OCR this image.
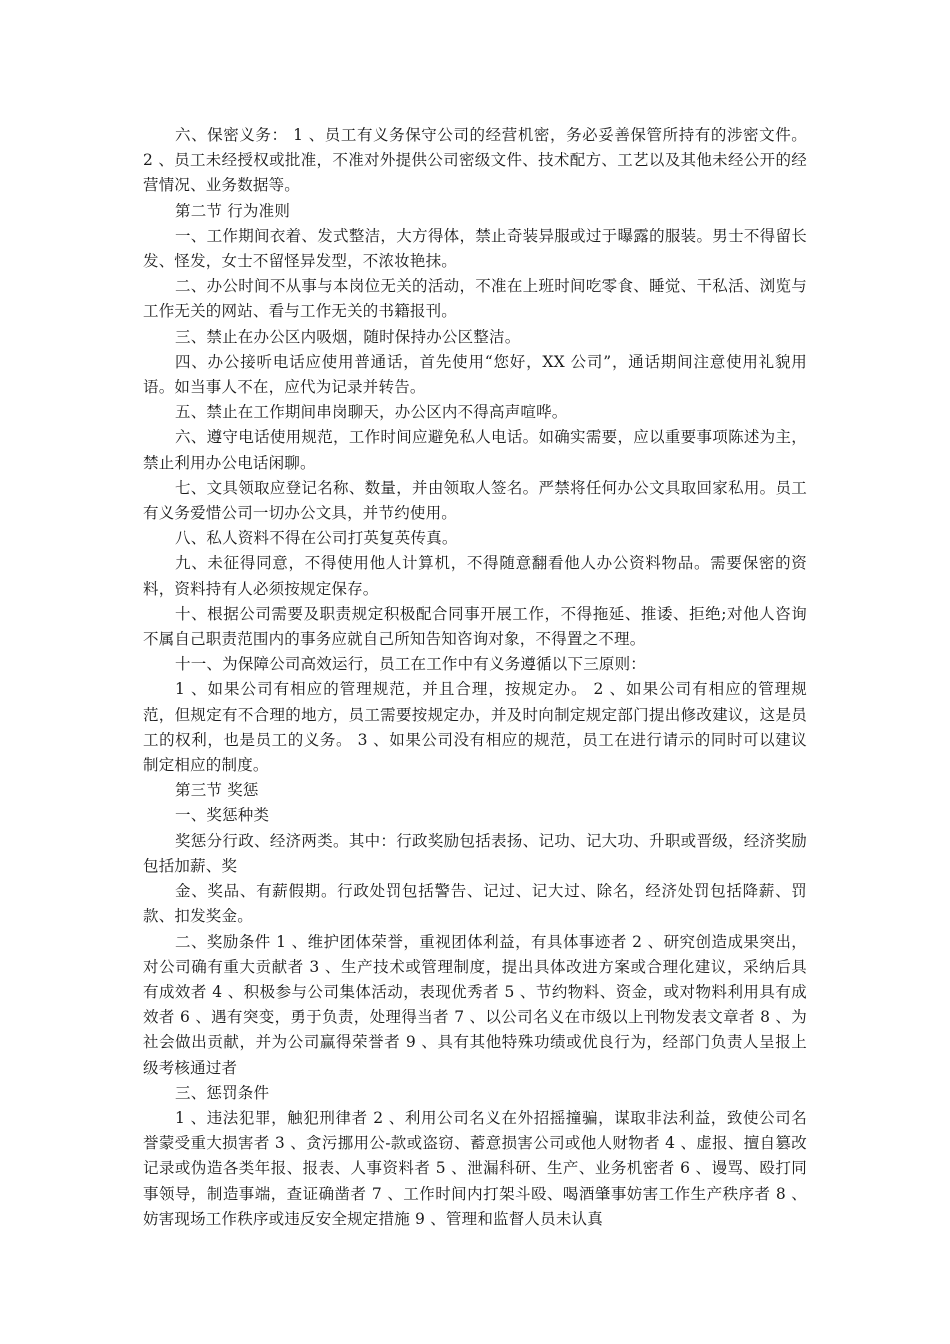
六、保密义务： 1 、员工有义务保守公司的经营机密，务必妥善保管所持有的涉密文件。 2 、员工未经授权或批准，不准对外提供公司密级文件、技术配方、工艺以及其他未经公开的经营情况、业务数据等。

第二节 行为准则

一、工作期间衣着、发式整洁，大方得体，禁止奇装异服或过于曝露的服装。男士不得留长发、怪发，女士不留怪异发型，不浓妆艳抹。

二、办公时间不从事与本岗位无关的活动，不准在上班时间吃零食、睡觉、干私活、浏览与工作无关的网站、看与工作无关的书籍报刊。

三、禁止在办公区内吸烟，随时保持办公区整洁。

四、办公接听电话应使用普通话，首先使用“您好，XX 公司”，通话期间注意使用礼貌用语。如当事人不在，应代为记录并转告。

五、禁止在工作期间串岗聊天，办公区内不得高声喧哗。

六、遵守电话使用规范，工作时间应避免私人电话。如确实需要，应以重要事项陈述为主，禁止利用办公电话闲聊。

七、文具领取应登记名称、数量，并由领取人签名。严禁将任何办公文具取回家私用。员工有义务爱惜公司一切办公文具，并节约使用。

八、私人资料不得在公司打英复英传真。

九、未征得同意，不得使用他人计算机，不得随意翻看他人办公资料物品。需要保密的资料，资料持有人必须按规定保存。

十、根据公司需要及职责规定积极配合同事开展工作，不得拖延、推诿、拒绝;对他人咨询不属自己职责范围内的事务应就自己所知告知咨询对象，不得置之不理。

十一、为保障公司高效运行，员工在工作中有义务遵循以下三原则：

1 、如果公司有相应的管理规范，并且合理，按规定办。 2 、如果公司有相应的管理规范，但规定有不合理的地方，员工需要按规定办，并及时向制定规定部门提出修改建议，这是员工的权利，也是员工的义务。 3 、如果公司没有相应的规范，员工在进行请示的同时可以建议制定相应的制度。

第三节 奖惩

一、奖惩种类

奖惩分行政、经济两类。其中：行政奖励包括表扬、记功、记大功、升职或晋级，经济奖励包括加薪、奖

金、奖品、有薪假期。行政处罚包括警告、记过、记大过、除名，经济处罚包括降薪、罚款、扣发奖金。

二、奖励条件 1 、维护团体荣誉，重视团体利益，有具体事迹者 2 、研究创造成果突出，对公司确有重大贡献者 3 、生产技术或管理制度，提出具体改进方案或合理化建议，采纳后具有成效者 4 、积极参与公司集体活动，表现优秀者 5 、节约物料、资金，或对物料利用具有成效者 6 、遇有突变，勇于负责，处理得当者 7 、以公司名义在市级以上刊物发表文章者 8 、为社会做出贡献，并为公司赢得荣誉者 9 、具有其他特殊功绩或优良行为，经部门负责人呈报上级考核通过者

三、惩罚条件

1 、违法犯罪，触犯刑律者 2 、利用公司名义在外招摇撞骗，谋取非法利益，致使公司名誉蒙受重大损害者 3 、贪污挪用公-款或盗窃、蓄意损害公司或他人财物者 4 、虚报、擅自篡改记录或伪造各类年报、报表、人事资料者 5 、泄漏科研、生产、业务机密者 6 、谩骂、殴打同事领导，制造事端，查证确凿者 7 、工作时间内打架斗殴、喝酒肇事妨害工作生产秩序者 8 、妨害现场工作秩序或违反安全规定措施 9 、管理和监督人员未认真
